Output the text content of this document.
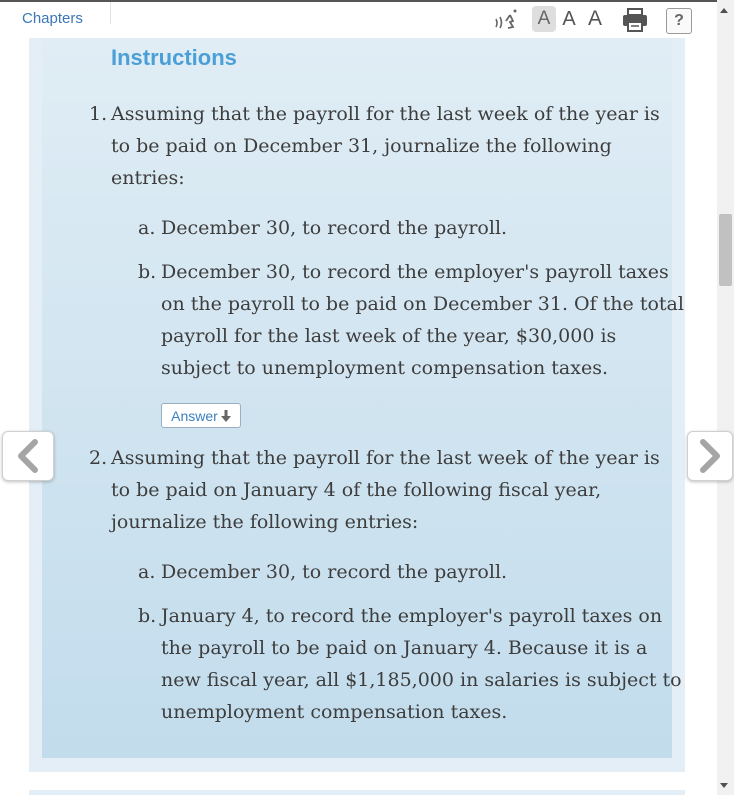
Chapters	A A A	?
Instructions
1. Assuming that the payroll for the last week of the year is
to be paid on December 31, journalize the following
entries:
a. December 30, to record the payroll.
b. December 30, to record the employer's payroll taxes
on the payroll to be paid on December 31. Of the total
payroll for the last week of the year, $30,000 is
subject to unemployment compensation taxes.
Answer
2. Assuming that the payroll for the last week of the year is
to be paid on January 4 of the following fiscal year,
journalize the following entries:
a. December 30, to record the payroll.
b. January 4, to record the employer's payroll taxes on
the payroll to be paid on January 4. Because it is a
new fiscal year, all $1,185,000 in salaries is subject to
unemployment compensation taxes.
